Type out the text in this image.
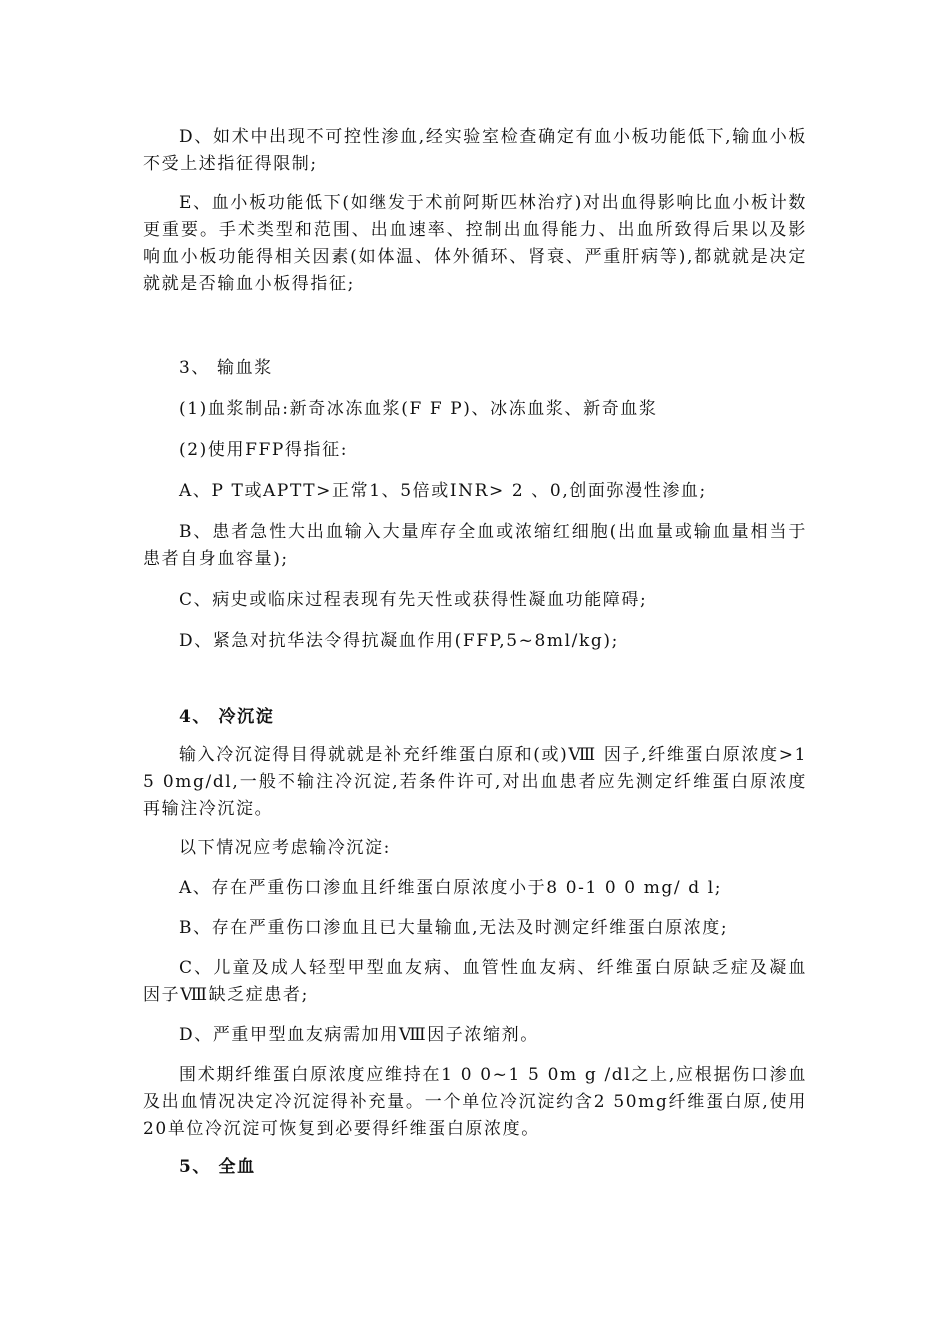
D、如术中出现不可控性渗血,经实验室检查确定有血小板功能低下,输血小板不受上述指征得限制;

E、血小板功能低下(如继发于术前阿斯匹林治疗)对出血得影响比血小板计数更重要。手术类型和范围、出血速率、控制出血得能力、出血所致得后果以及影响血小板功能得相关因素(如体温、体外循环、肾衰、严重肝病等),都就就是决定就就是否输血小板得指征;

3、 输血浆

(1)血浆制品:新奇冰冻血浆(F F P)、冰冻血浆、新奇血浆

(2)使用FFP得指征:

A、P T或APTT>正常1、5倍或INR> 2 、0,创面弥漫性渗血;

B、患者急性大出血输入大量库存全血或浓缩红细胞(出血量或输血量相当于患者自身血容量);

C、病史或临床过程表现有先天性或获得性凝血功能障碍;

D、紧急对抗华法令得抗凝血作用(FFP,5~8ml/kg);

4、 冷沉淀

输入冷沉淀得目得就就是补充纤维蛋白原和(或)Ⅷ 因子,纤维蛋白原浓度>1 5 0mg/dl,一般不输注冷沉淀,若条件许可,对出血患者应先测定纤维蛋白原浓度再输注冷沉淀。

以下情况应考虑输冷沉淀:

A、存在严重伤口渗血且纤维蛋白原浓度小于8 0-1 0 0 mg/ d l;

B、存在严重伤口渗血且已大量输血,无法及时测定纤维蛋白原浓度;

C、儿童及成人轻型甲型血友病、血管性血友病、纤维蛋白原缺乏症及凝血因子Ⅷ缺乏症患者;

D、严重甲型血友病需加用Ⅷ因子浓缩剂。

围术期纤维蛋白原浓度应维持在1 0 0~1 5 0m g /dl之上,应根据伤口渗血及出血情况决定冷沉淀得补充量。一个单位冷沉淀约含2 50mg纤维蛋白原,使用20单位冷沉淀可恢复到必要得纤维蛋白原浓度。

5、 全血
